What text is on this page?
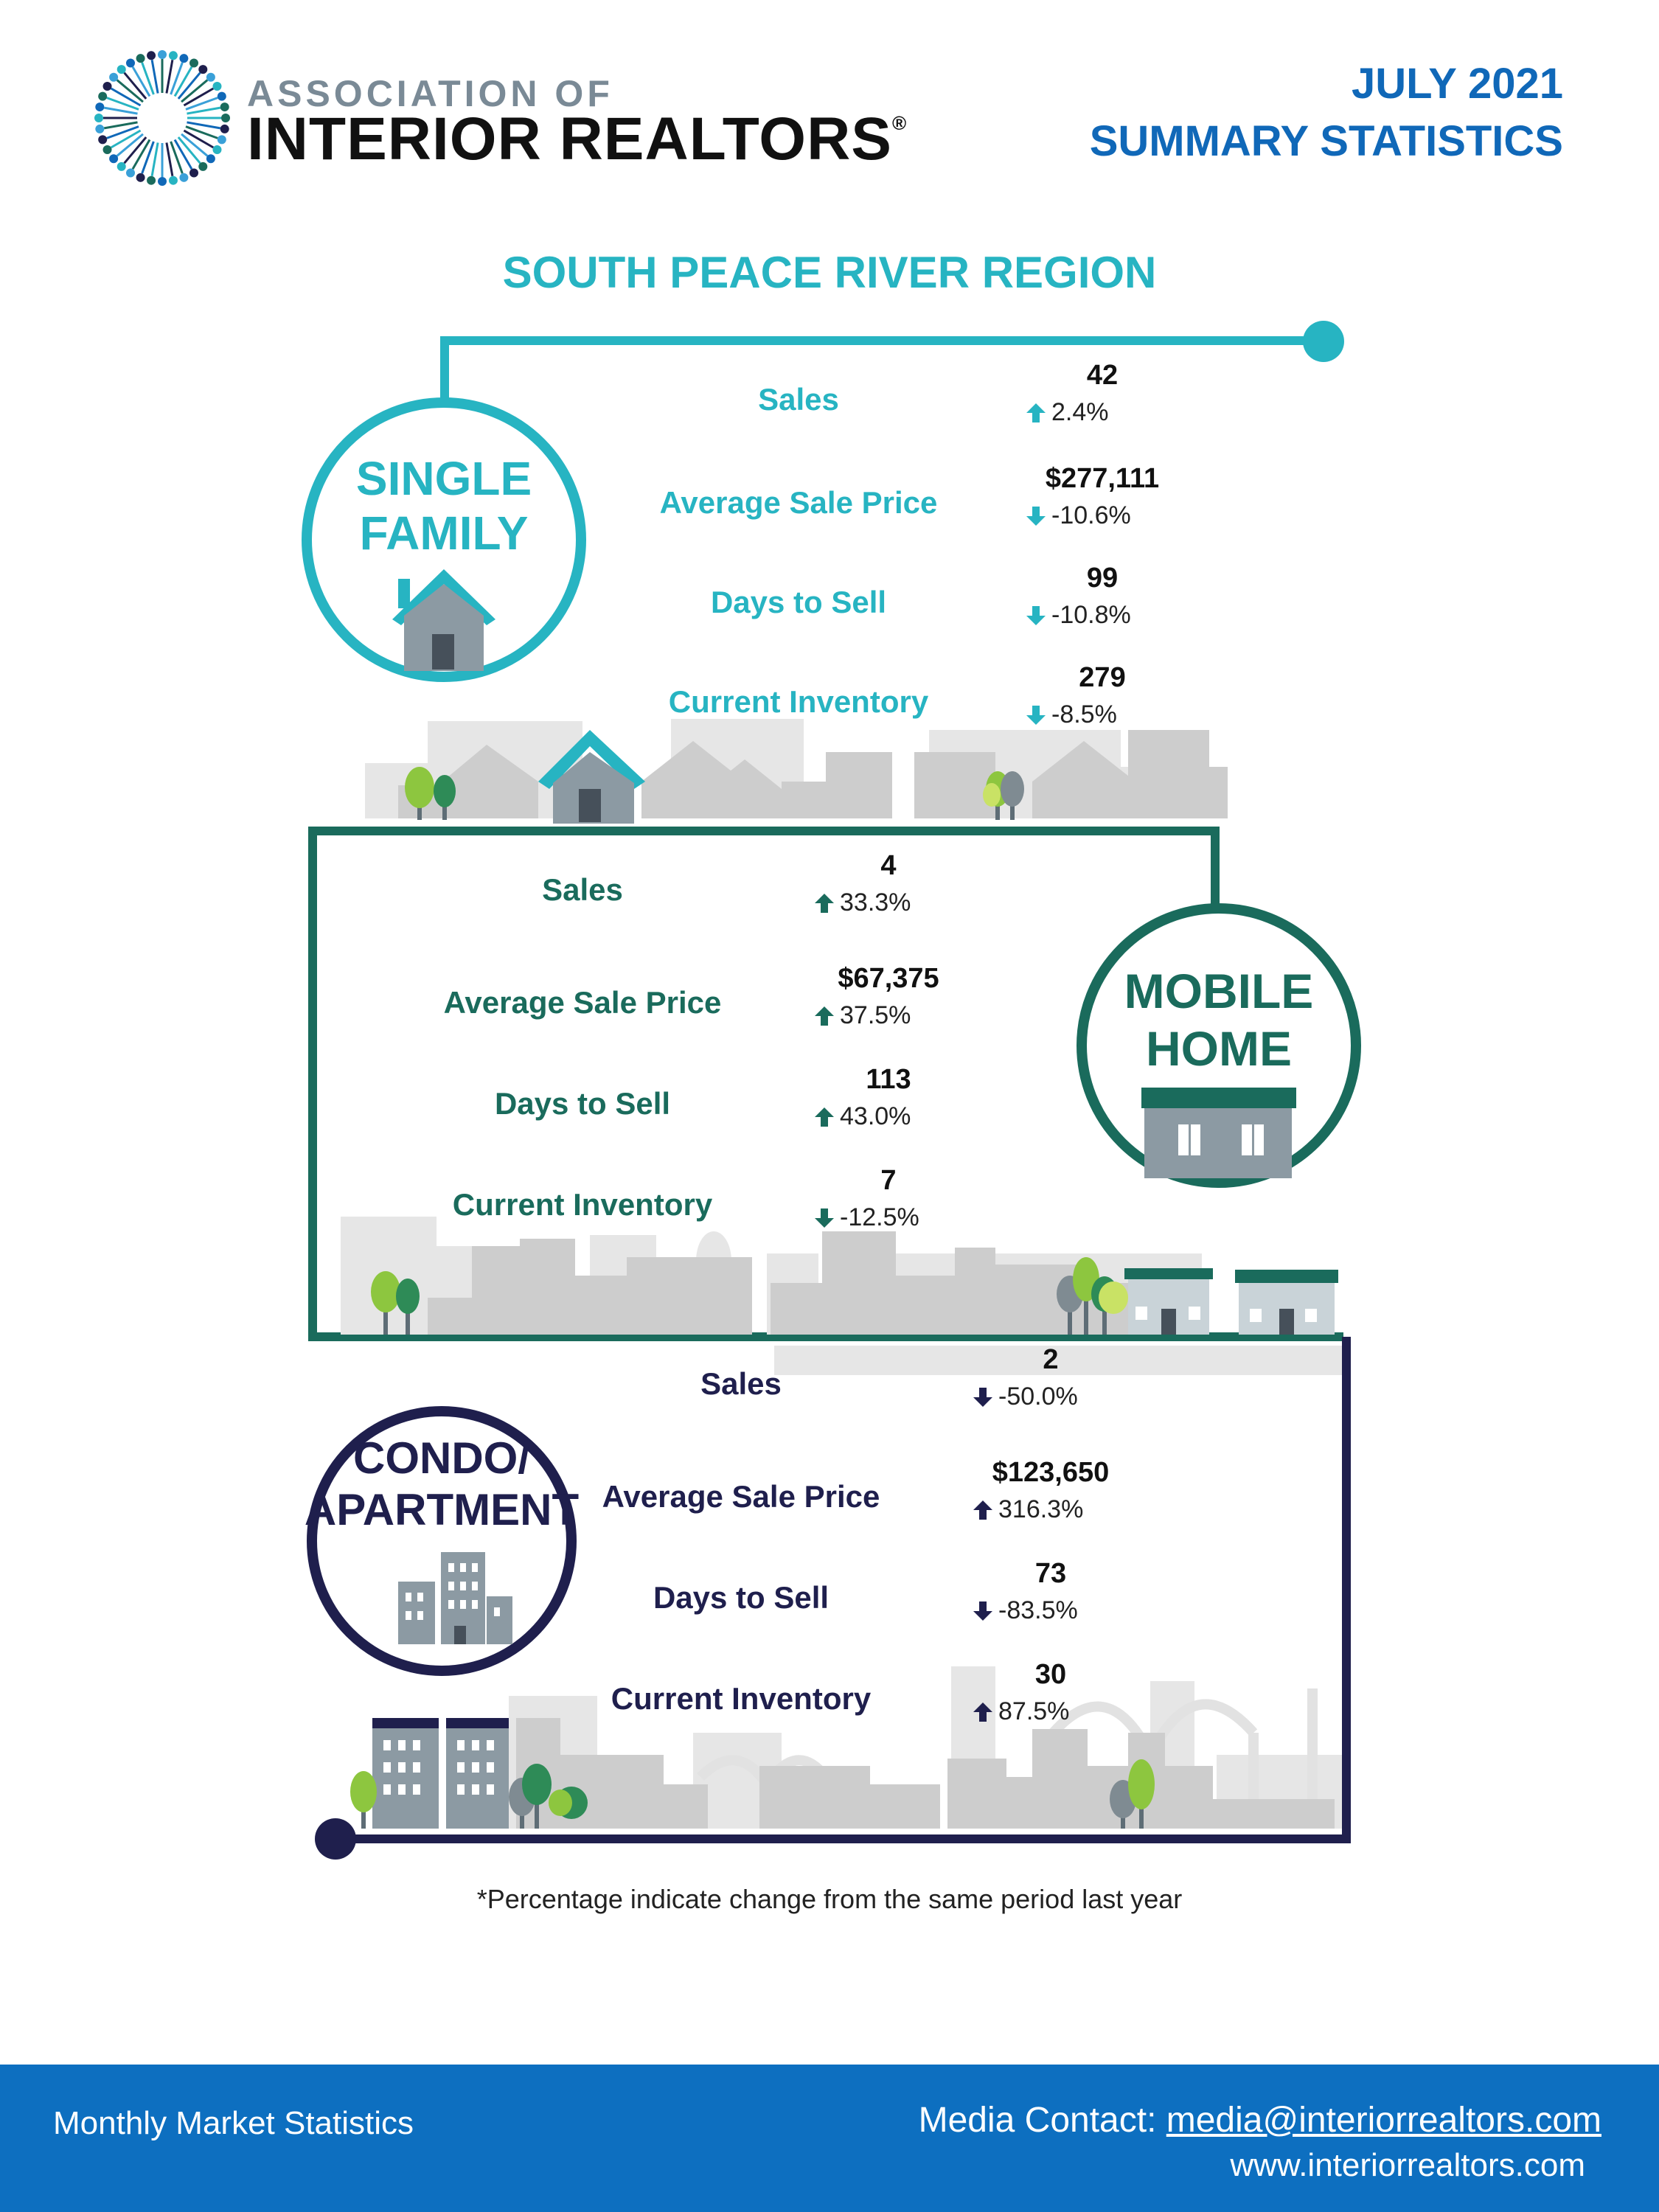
ASSOCIATION OF
INTERIOR REALTORS®
JULY 2021
SUMMARY STATISTICS
SOUTH PEACE RIVER REGION
SINGLE
FAMILY
MOBILE
HOME
CONDO/
APARTMENT
Sales
42
2.4%
Average Sale Price
$277,111
-10.6%
Days to Sell
99
-10.8%
Current Inventory
279
-8.5%
Sales
4
33.3%
Average Sale Price
$67,375
37.5%
Days to Sell
113
43.0%
Current Inventory
7
-12.5%
Sales
2
-50.0%
Average Sale Price
$123,650
316.3%
Days to Sell
73
-83.5%
Current Inventory
30
87.5%
*Percentage indicate change from the same period last year
Monthly Market Statistics	Media Contact: media@interiorrealtors.com
www.interiorrealtors.com
